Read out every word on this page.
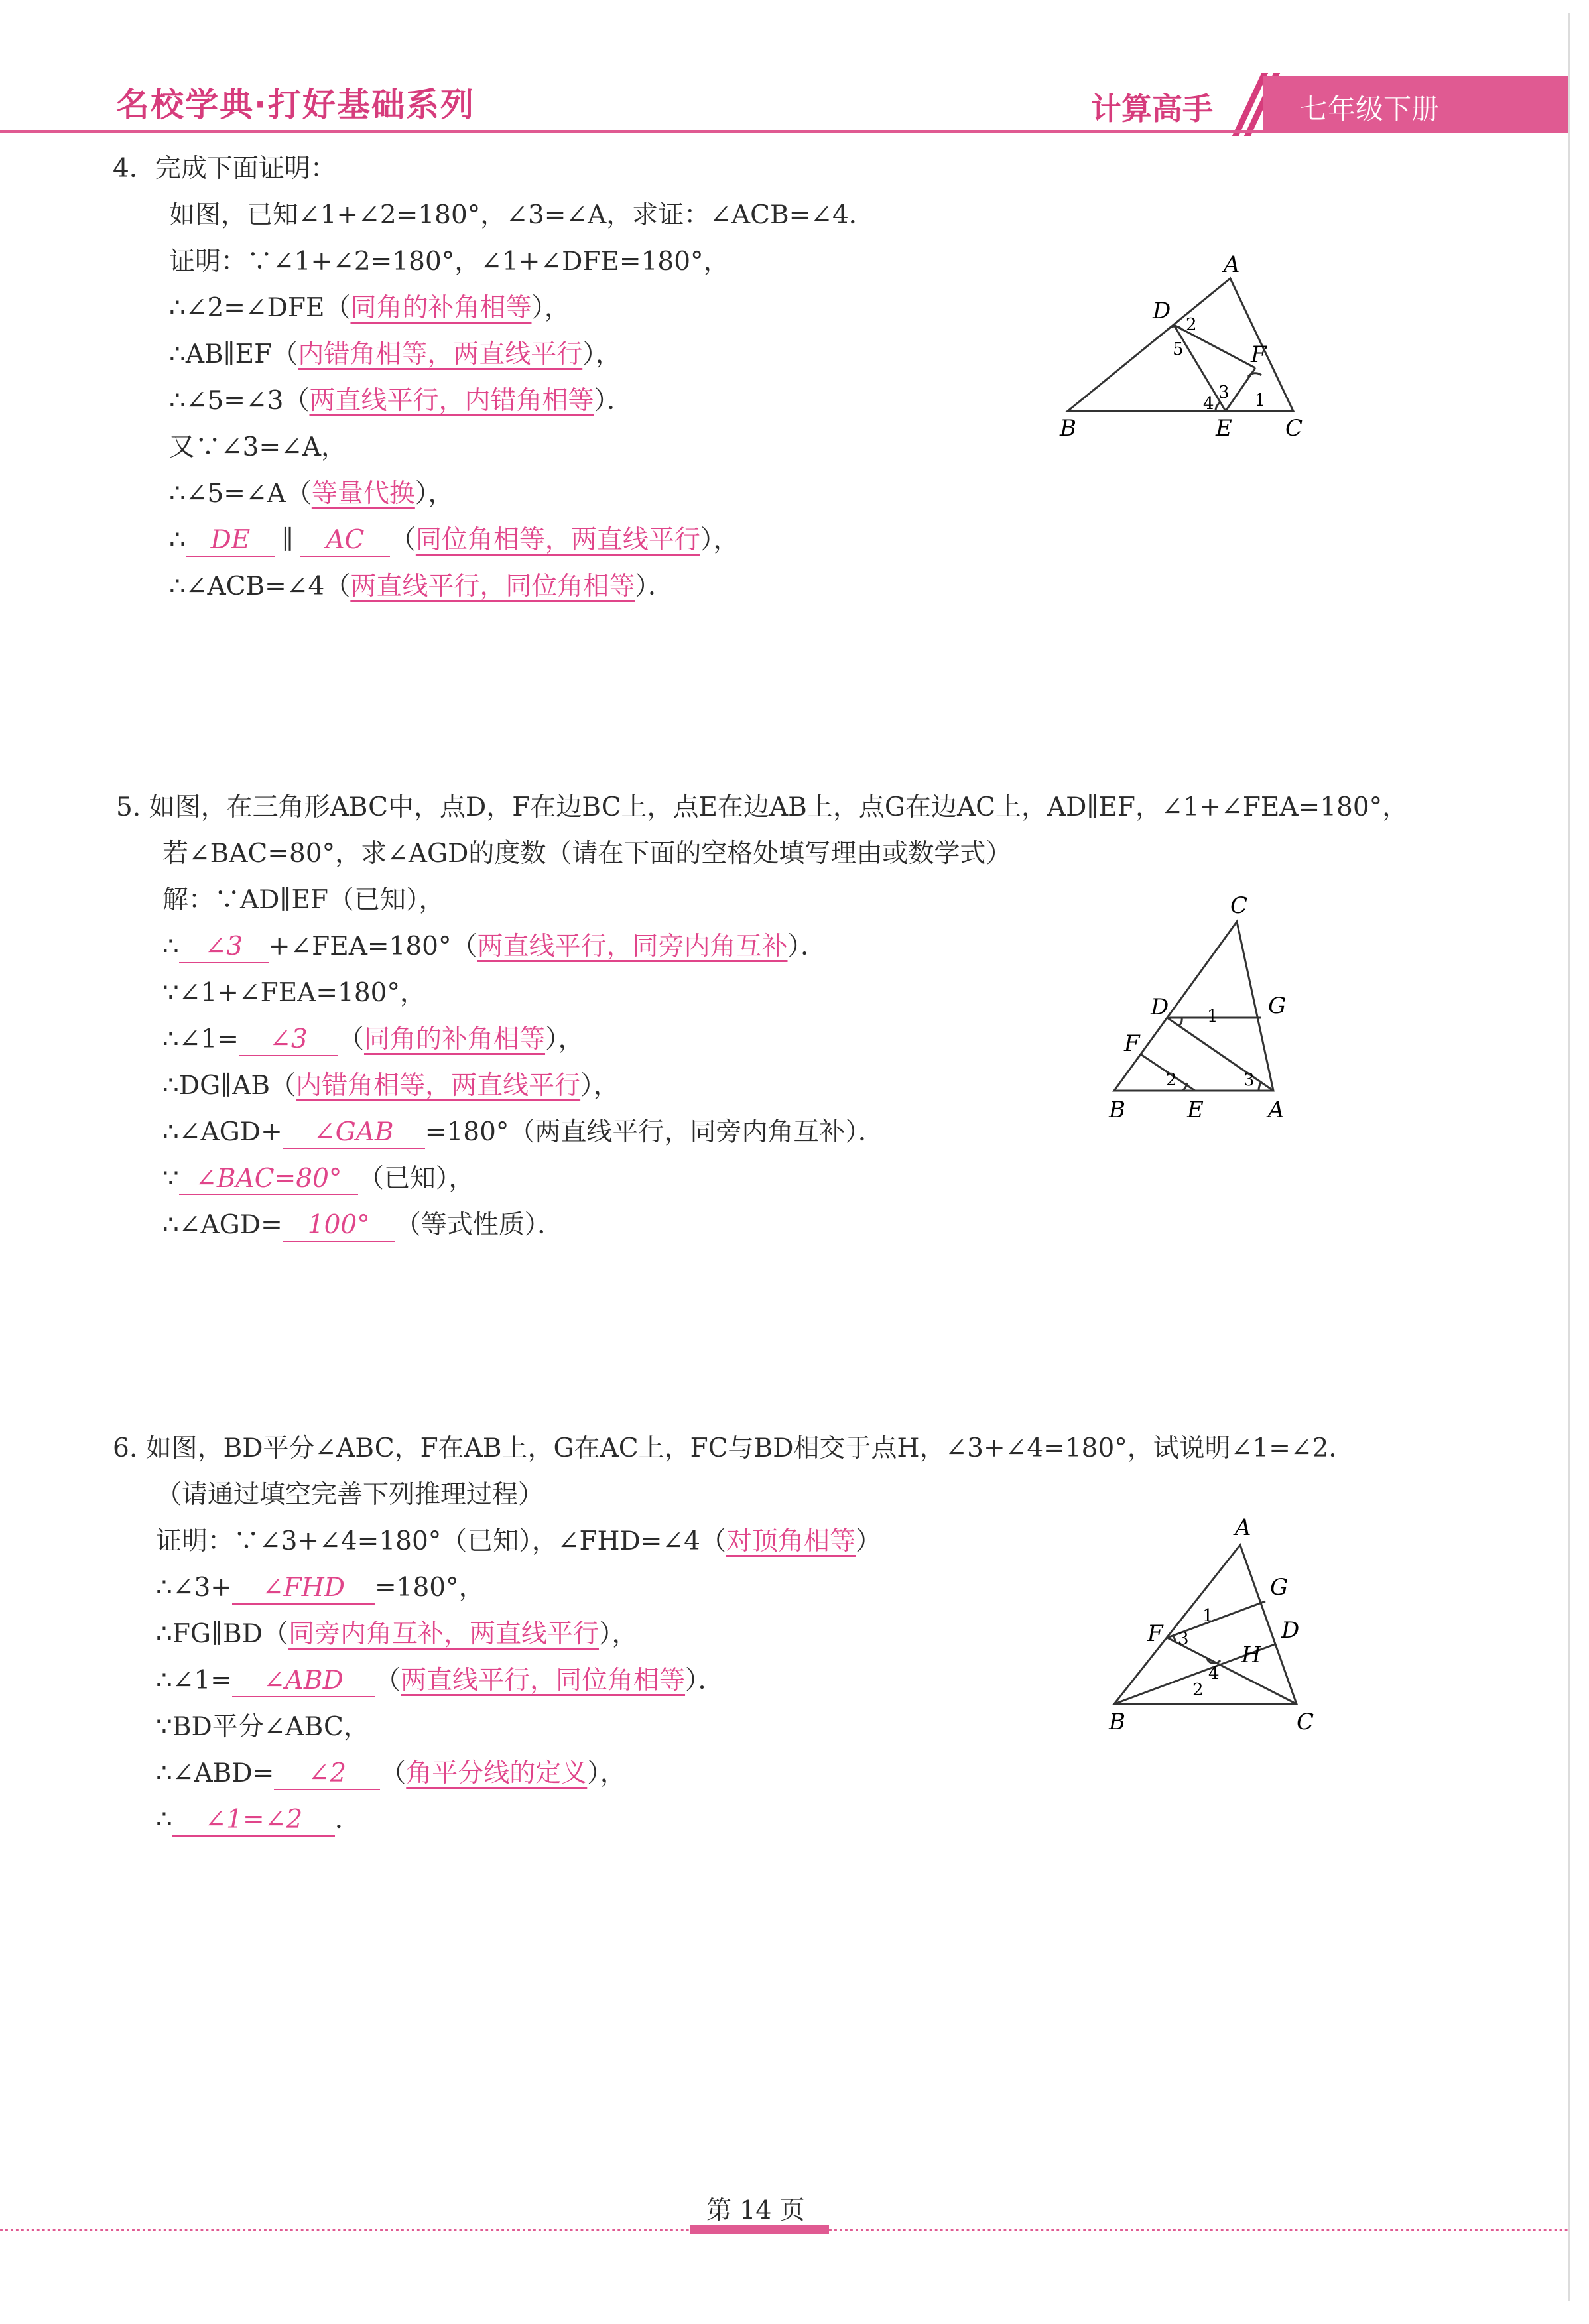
名校学典·打好基础系列	计算高手	七年级下册
4．完成下面证明：
如图，已知∠1+∠2=180°，∠3=∠A，求证：∠ACB=∠4．
证明：∵∠1+∠2=180°，∠1+∠DFE=180°，
∴∠2=∠DFE（同角的补角相等），
∴AB∥EF（内错角相等，两直线平行），
∴∠5=∠3（两直线平行，内错角相等）．
又∵∠3=∠A，
∴∠5=∠A（等量代换），
∴ DE ∥ AC （同位角相等，两直线平行），
∴∠ACB=∠4（两直线平行，同位角相等）．
A
B	C
D
E
F
2
5
3
4 1
5. 如图，在三角形ABC中，点D，F在边BC上，点E在边AB上，点G在边AC上，AD∥EF，∠1+∠FEA=180°，
若∠BAC=80°，求∠AGD的度数（请在下面的空格处填写理由或数学式）
解：∵AD∥EF（已知），
∴ ∠3 +∠FEA=180°（两直线平行，同旁内角互补）．
∵∠1+∠FEA=180°，
∴∠1= ∠3 （同角的补角相等），
∴DG∥AB（内错角相等，两直线平行），
∴∠AGD+ ∠GAB =180°（两直线平行，同旁内角互补）．
∵ ∠BAC=80° （已知），
∴∠AGD= 100° （等式性质）．
C
D	G
F
B	E	A
1
2	3
6. 如图，BD平分∠ABC，F在AB上，G在AC上，FC与BD相交于点H，∠3+∠4=180°，试说明∠1=∠2．
（请通过填空完善下列推理过程）
证明：∵∠3+∠4=180°（已知），∠FHD=∠4（对顶角相等）
∴∠3+ ∠FHD =180°，
∴FG∥BD（同旁内角互补，两直线平行），
∴∠1= ∠ABD （两直线平行，同位角相等）．
∵BD平分∠ABC，
∴∠ABD= ∠2 （角平分线的定义），
∴ ∠1=∠2 ．
A
G
D
F
H
B	C
1
2
3
4
第 14 页
